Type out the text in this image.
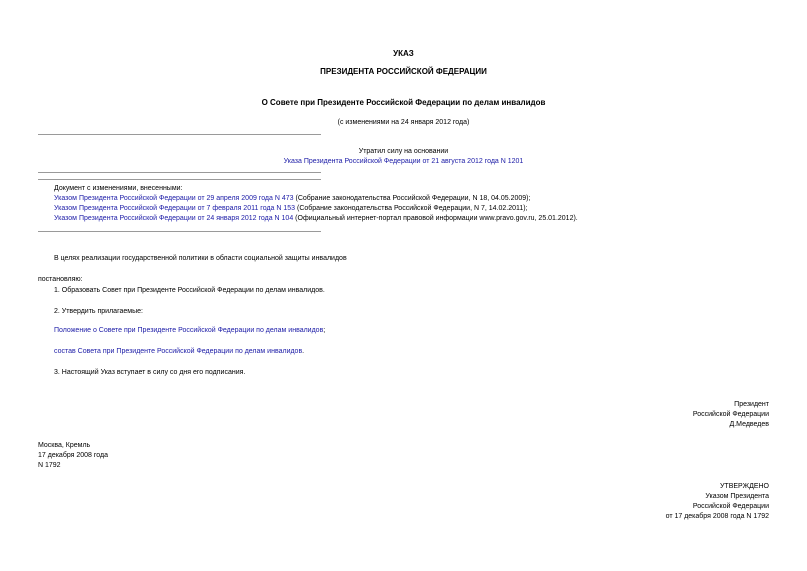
УКАЗ
ПРЕЗИДЕНТА РОССИЙСКОЙ ФЕДЕРАЦИИ
О Совете при Президенте Российской Федерации по делам инвалидов
(с изменениями на 24 января 2012 года)
Утратил силу на основании
Указа Президента Российской Федерации от 21 августа 2012 года N 1201
Документ с изменениями, внесенными:
Указом Президента Российской Федерации от 29 апреля 2009 года N 473 (Собрание законодательства Российской Федерации, N 18, 04.05.2009);
Указом Президента Российской Федерации от 7 февраля 2011 года N 153 (Собрание законодательства Российской Федерации, N 7, 14.02.2011);
Указом Президента Российской Федерации от 24 января 2012 года N 104 (Официальный интернет-портал правовой информации www.pravo.gov.ru, 25.01.2012).
В целях реализации государственной политики в области социальной защиты инвалидов
постановляю:
1. Образовать Совет при Президенте Российской Федерации по делам инвалидов.
2. Утвердить прилагаемые:
Положение о Совете при Президенте Российской Федерации по делам инвалидов;
состав Совета при Президенте Российской Федерации по делам инвалидов.
3. Настоящий Указ вступает в силу со дня его подписания.
Президент
Российской Федерации
Д.Медведев
Москва, Кремль
17 декабря 2008 года
N 1792
УТВЕРЖДЕНО
Указом Президента
Российской Федерации
от 17 декабря 2008 года N 1792
